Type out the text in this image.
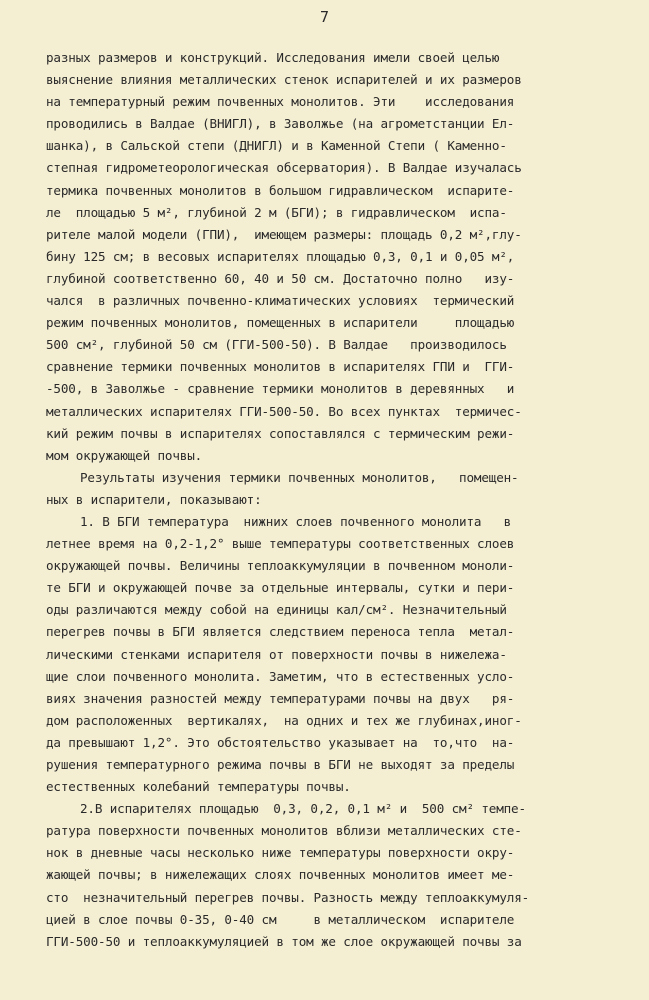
7
разных размеров и конструкций. Исследования имели своей целью
выяснение влияния металлических стенок испарителей и их размеров
на температурный режим почвенных монолитов. Эти    исследования
проводились в Валдае (ВНИГЛ), в Заволжье (на агрометстанции Ел-
шанка), в Сальской степи (ДНИГЛ) и в Каменной Степи ( Каменно-
степная гидрометеорологическая обсерватория). В Валдае изучалась
термика почвенных монолитов в большом гидравлическом  испарите-
ле  площадью 5 м², глубиной 2 м (БГИ); в гидравлическом  испа-
рителе малой модели (ГПИ),  имеющем размеры: площадь 0,2 м²,глу-
бину 125 см; в весовых испарителях площадью 0,3, 0,1 и 0,05 м²,
глубиной соответственно 60, 40 и 50 см. Достаточно полно   изу-
чался  в различных почвенно-климатических условиях  термический
режим почвенных монолитов, помещенных в испарители     площадью
500 см², глубиной 50 см (ГГИ-500-50). В Валдае   производилось
сравнение термики почвенных монолитов в испарителях ГПИ и  ГГИ-
-500, в Заволжье - сравнение термики монолитов в деревянных   и
металлических испарителях ГГИ-500-50. Во всех пунктах  термичес-
кий режим почвы в испарителях сопоставлялся с термическим режи-
мом окружающей почвы.
Результаты изучения термики почвенных монолитов,   помещен-
ных в испарители, показывают:
1. В БГИ температура  нижних слоев почвенного монолита   в
летнее время на 0,2-1,2° выше температуры соответственных слоев
окружающей почвы. Величины теплоаккумуляции в почвенном моноли-
те БГИ и окружающей почве за отдельные интервалы, сутки и пери-
оды различаются между собой на единицы кал/см². Незначительный
перегрев почвы в БГИ является следствием переноса тепла  метал-
лическими стенками испарителя от поверхности почвы в нижележа-
щие слои почвенного монолита. Заметим, что в естественных усло-
виях значения разностей между температурами почвы на двух   ря-
дом расположенных  вертикалях,  на одних и тех же глубинах,иног-
да превышают 1,2°. Это обстоятельство указывает на  то,что  на-
рушения температурного режима почвы в БГИ не выходят за пределы
естественных колебаний температуры почвы.
2.В испарителях площадью  0,3, 0,2, 0,1 м² и  500 см² темпе-
ратура поверхности почвенных монолитов вблизи металлических сте-
нок в дневные часы несколько ниже температуры поверхности окру-
жающей почвы; в нижележащих слоях почвенных монолитов имеет ме-
сто  незначительный перегрев почвы. Разность между теплоаккумуля-
цией в слое почвы 0-35, 0-40 см     в металлическом  испарителе
ГГИ-500-50 и теплоаккумуляцией в том же слое окружающей почвы за
